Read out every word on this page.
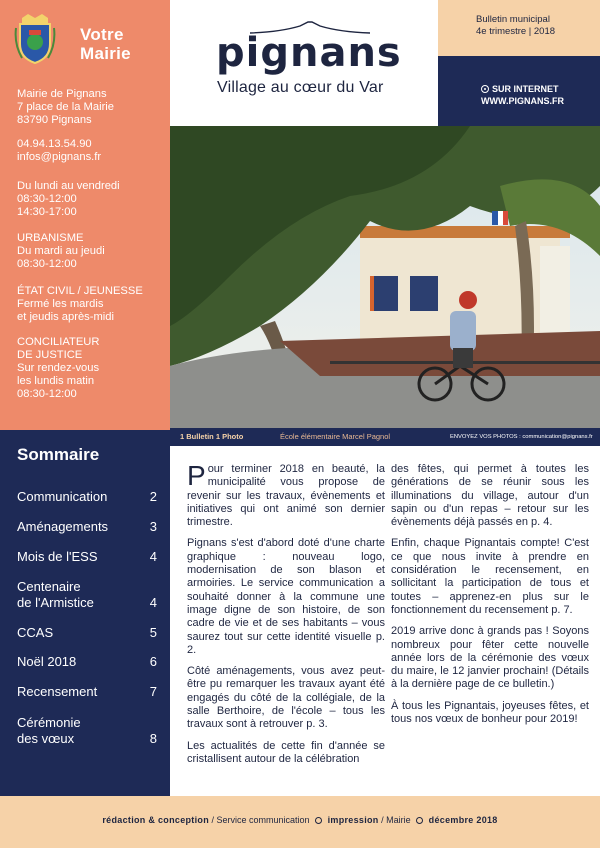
Votre
Mairie
Mairie de Pignans
7 place de la Mairie
83790 Pignans
04.94.13.54.90
infos@pignans.fr
Du lundi au vendredi
08:30-12:00
14:30-17:00
URBANISME
Du mardi au jeudi
08:30-12:00
ÉTAT CIVIL / JEUNESSE
Fermé les mardis
et jeudis après-midi
CONCILIATEUR
DE JUSTICE
Sur rendez-vous
les lundis matin
08:30-12:00
pignans
Village au cœur du Var
Bulletin municipal
4e trimestre | 2018
SUR INTERNET
WWW.PIGNANS.FR
1 Bulletin 1 Photo	École élémentaire Marcel Pagnol	ENVOYEZ VOS PHOTOS : communication@pignans.fr
Sommaire
Communication	2
Aménagements	3
Mois de l'ESS	4
Centenaire
de l'Armistice	4
CCAS	5
Noël 2018	6
Recensement	7
Cérémonie
des vœux	8

Pour terminer 2018 en beauté, la municipalité vous propose de revenir sur les travaux, évènements et initiatives qui ont animé son dernier trimestre.

Pignans s'est d'abord doté d'une charte graphique : nouveau logo, modernisation de son blason et armoiries. Le service communication a souhaité donner à la commune une image digne de son histoire, de son cadre de vie et de ses habitants – vous saurez tout sur cette identité visuelle p. 2.

Côté aménagements, vous avez peut-être pu remarquer les travaux ayant été engagés du côté de la collégiale, de la salle Berthoire, de l'école – tous les travaux sont à retrouver p. 3.

Les actualités de cette fin d'année se cristallisent autour de la célébration

des fêtes, qui permet à toutes les générations de se réunir sous les illuminations du village, autour d'un sapin ou d'un repas – retour sur les évènements déjà passés en p. 4.

Enfin, chaque Pignantais compte! C'est ce que nous invite à prendre en considération le recensement, en sollicitant la participation de tous et toutes – apprenez-en plus sur le fonctionnement du recensement p. 7.

2019 arrive donc à grands pas ! Soyons nombreux pour fêter cette nouvelle année lors de la cérémonie des vœux du maire, le 12 janvier prochain! (Détails à la dernière page de ce bulletin.)

À tous les Pignantais, joyeuses fêtes, et tous nos vœux de bonheur pour 2019!

rédaction & conception / Service communication impression / Mairie décembre 2018
